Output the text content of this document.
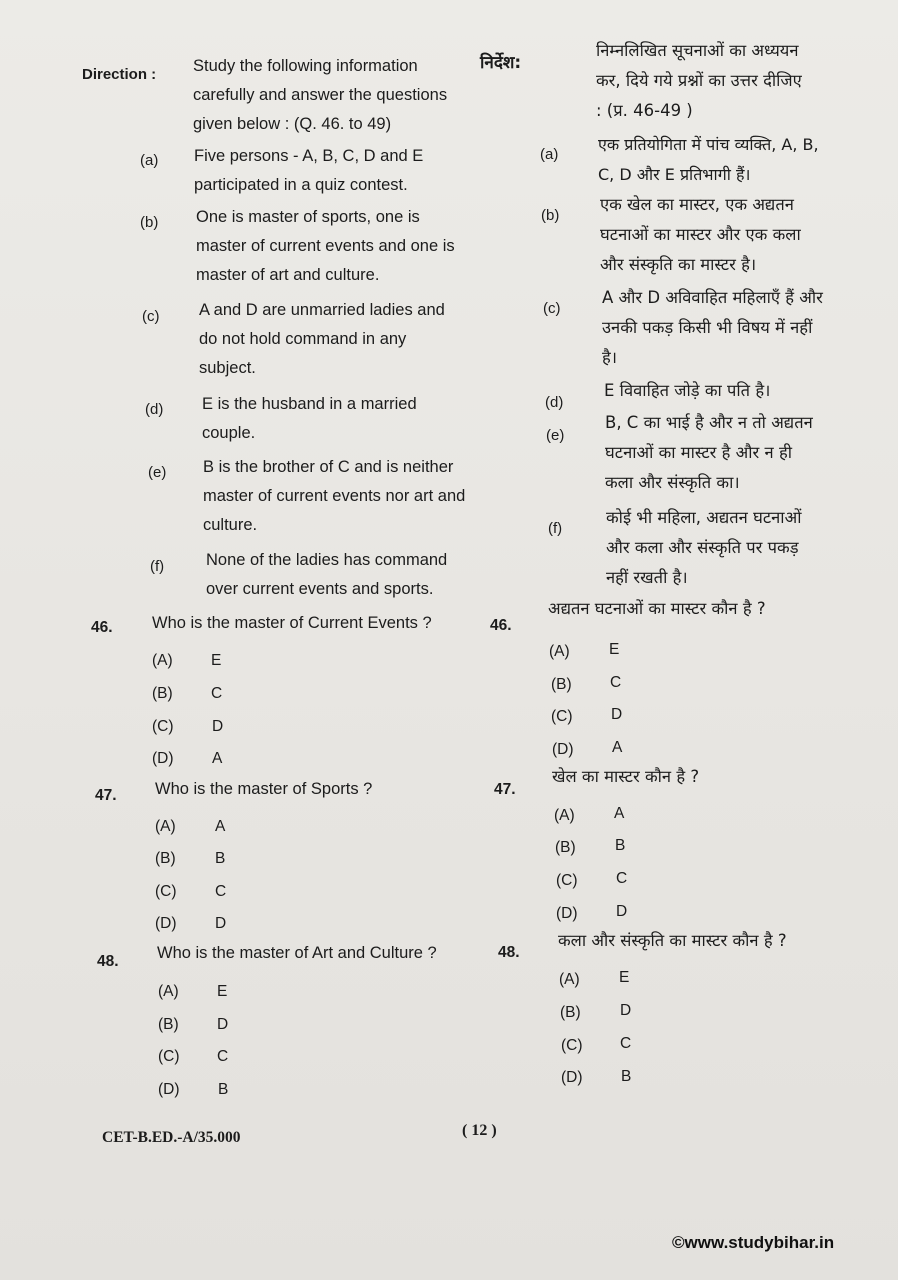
Direction : Study the following information
carefully and answer the questions
given below : (Q. 46. to 49)
(a) Five persons - A, B, C, D and E
participated in a quiz contest.
(b) One is master of sports, one is
master of current events and one is
master of art and culture.
(c) A and D are unmarried ladies and
do not hold command in any
subject.
(d) E is the husband in a married
couple.
(e) B is the brother of C and is neither
master of current events nor art and
culture.
(f)	None of the ladies has command
over current events and sports.
46. Who is the master of Current Events ?
(A) E
(B) C
(C) D
(D) A
47. Who is the master of Sports ?
(A)	A
(B)	B
(C) C
(D) D
48. Who is the master of Art and Culture ?
(A) E
(B) D
(C) C
(D) B
निर्देश:
निम्नलिखित सूचनाओं का अध्ययन
कर, दिये गये प्रश्नों का उत्तर दीजिए
: (प्र. 46-49 )
(a)
एक प्रतियोगिता में पांच व्यक्ति, A, B,
C, D और E प्रतिभागी हैं।
(b)
एक खेल का मास्टर, एक अद्यतन
घटनाओं का मास्टर और एक कला
और संस्कृति का मास्टर है।
(c)
A और D अविवाहित महिलाएँ हैं और
उनकी पकड़ किसी भी विषय में नहीं
है।
(d)
E विवाहित जोड़े का पति है।
(e)
B, C का भाई है और न तो अद्यतन
घटनाओं का मास्टर है और न ही
कला और संस्कृति का।
(f)
कोई भी महिला, अद्यतन घटनाओं
और कला और संस्कृति पर पकड़
नहीं रखती है।
46.
अद्यतन घटनाओं का मास्टर कौन है ?
(A)	E
(B) C
(C) D
(D) A
47.
खेल का मास्टर कौन है ?
(A)	A
(B)	B
(C) C
(D) D
48.
कला और संस्कृति का मास्टर कौन है ?
(A)	E
(B)	D
(C) C
(D) B
CET-B.ED.-A/35.000	( 12 )
©www.studybihar.in
